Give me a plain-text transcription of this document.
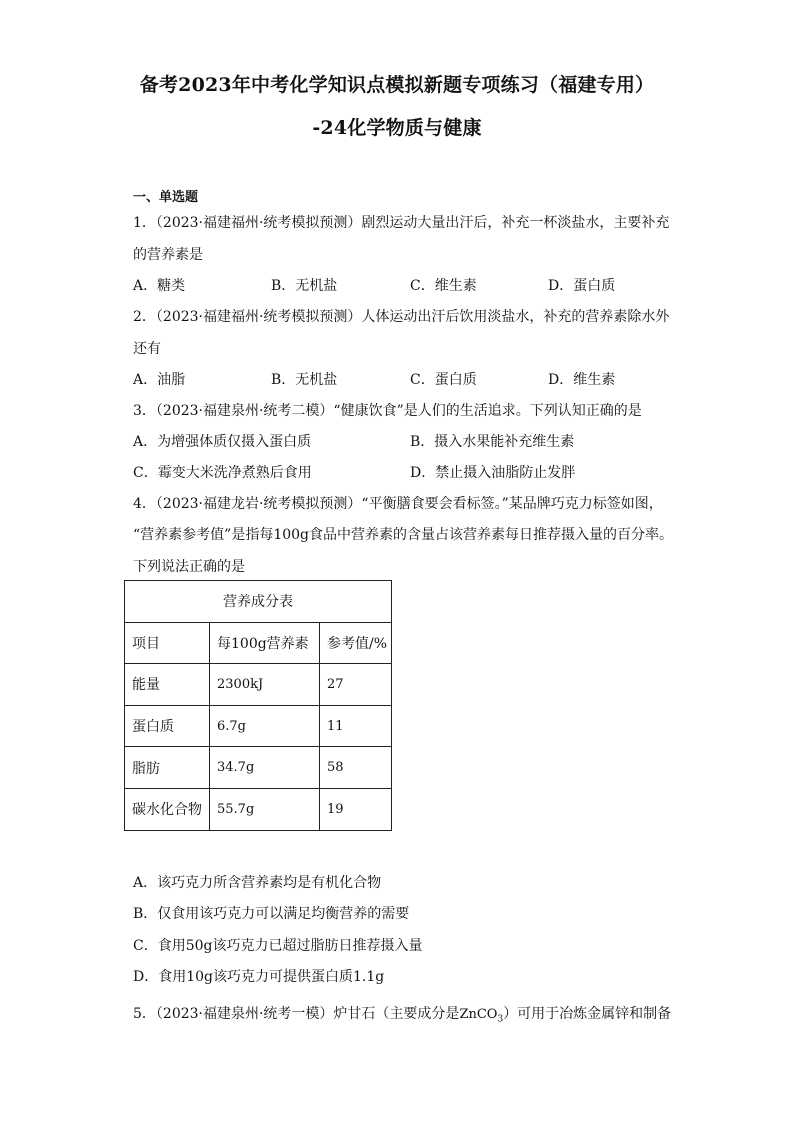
备考2023年中考化学知识点模拟新题专项练习（福建专用）
-24化学物质与健康
一、单选题
1．（2023·福建福州·统考模拟预测）剧烈运动大量出汗后，补充一杯淡盐水，主要补充
的营养素是
A．糖类	B．无机盐	C．维生素	D．蛋白质
2．（2023·福建福州·统考模拟预测）人体运动出汗后饮用淡盐水，补充的营养素除水外
还有
A．油脂	B．无机盐	C．蛋白质	D．维生素
3．（2023·福建泉州·统考二模）“健康饮食”是人们的生活追求。下列认知正确的是
A．为增强体质仅摄入蛋白质	B．摄入水果能补充维生素
C．霉变大米洗净煮熟后食用	D．禁止摄入油脂防止发胖
4．（2023·福建龙岩·统考模拟预测）“平衡膳食要会看标签。”某品牌巧克力标签如图，
“营养素参考值”是指每100g食品中营养素的含量占该营养素每日推荐摄入量的百分率。
下列说法正确的是
营养成分表		
项目	每100g营养素	参考值/%
能量	2300kJ	27
蛋白质	6.7g	11
脂肪	34.7g	58
碳水化合物	55.7g	19
A．该巧克力所含营养素均是有机化合物
B．仅食用该巧克力可以满足均衡营养的需要
C．食用50g该巧克力已超过脂肪日推荐摄入量
D．食用10g该巧克力可提供蛋白质1.1g
5．（2023·福建泉州·统考一模）炉甘石（主要成分是ZnCO$_3$）可用于冶炼金属锌和制备
